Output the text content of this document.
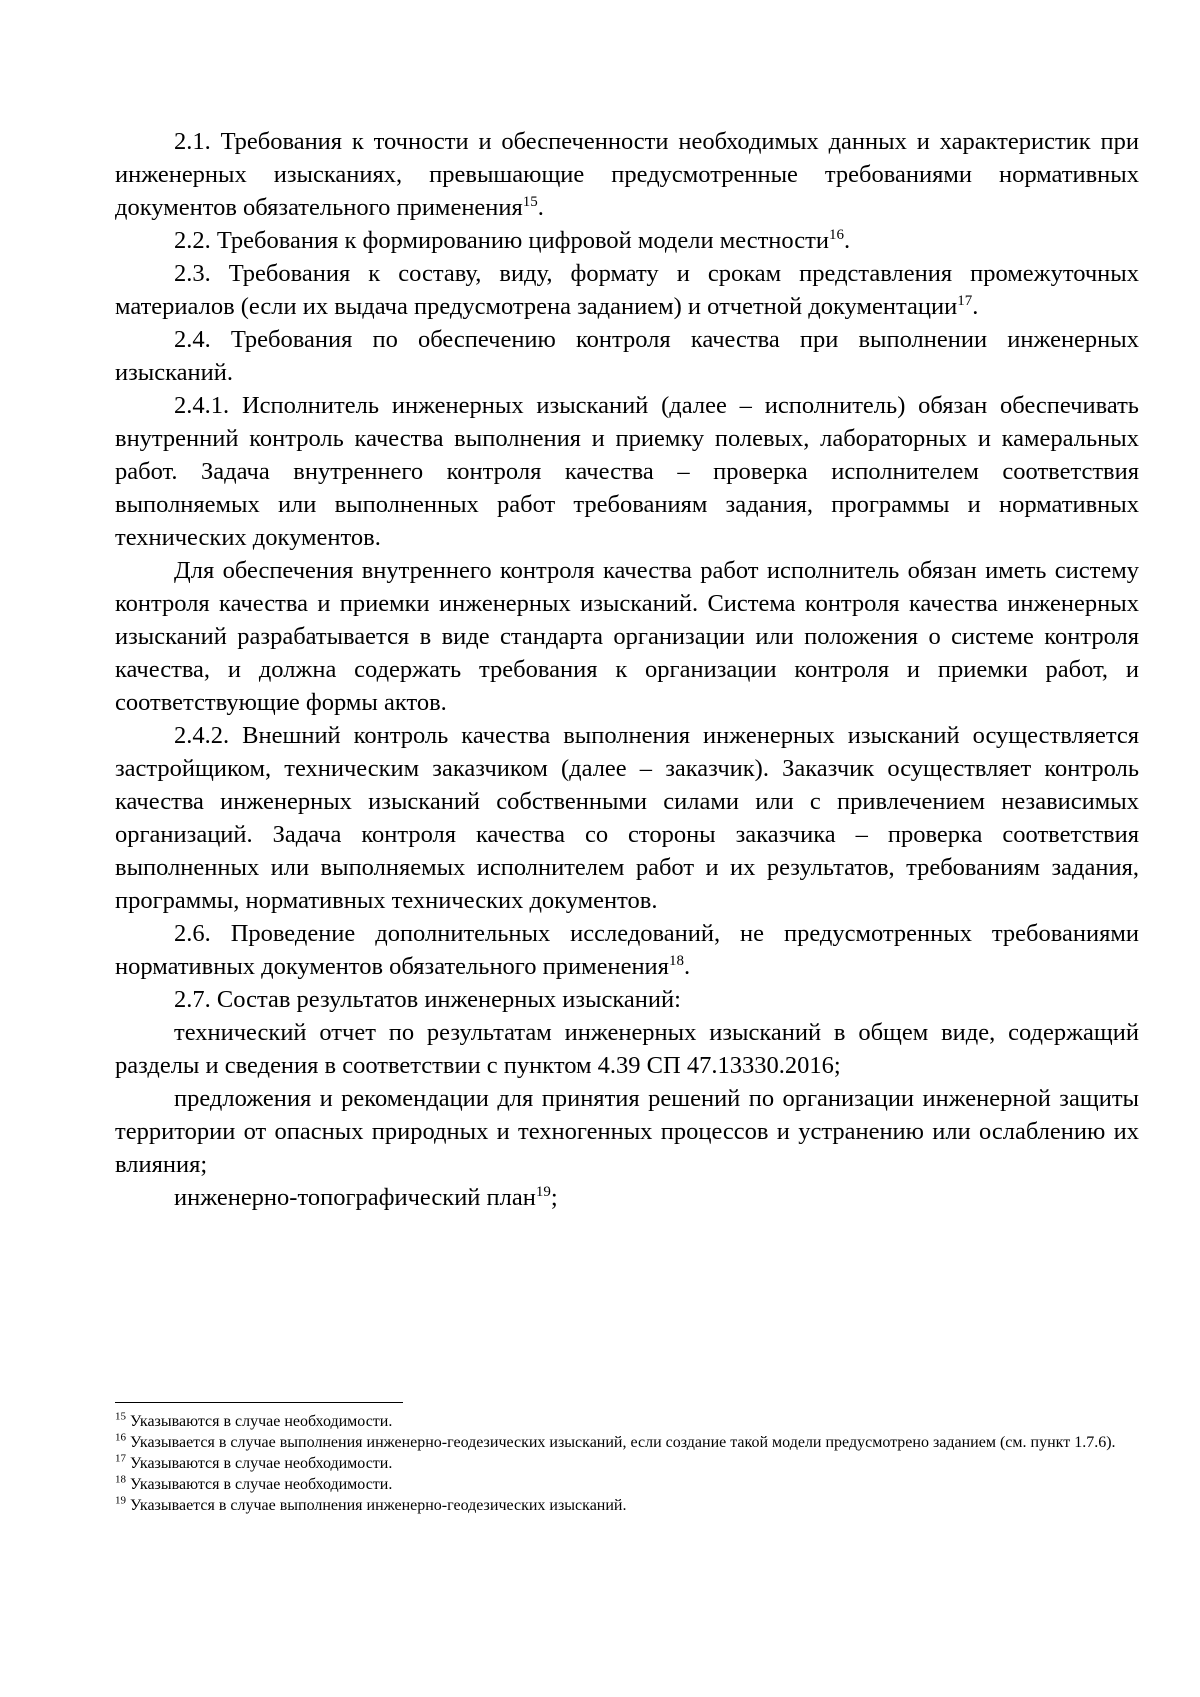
2.1. Требования к точности и обеспеченности необходимых данных и характеристик при инженерных изысканиях, превышающие предусмотренные требованиями нормативных документов обязательного применения$^{15}$.

2.2. Требования к формированию цифровой модели местности$^{16}$.

2.3. Требования к составу, виду, формату и срокам представления промежуточных материалов (если их выдача предусмотрена заданием) и отчетной документации$^{17}$.

2.4. Требования по обеспечению контроля качества при выполнении инженерных изысканий.

2.4.1. Исполнитель инженерных изысканий (далее – исполнитель) обязан обеспечивать внутренний контроль качества выполнения и приемку полевых, лабораторных и камеральных работ. Задача внутреннего контроля качества – проверка исполнителем соответствия выполняемых или выполненных работ требованиям задания, программы и нормативных технических документов.

Для обеспечения внутреннего контроля качества работ исполнитель обязан иметь систему контроля качества и приемки инженерных изысканий. Система контроля качества инженерных изысканий разрабатывается в виде стандарта организации или положения о системе контроля качества, и должна содержать требования к организации контроля и приемки работ, и соответствующие формы актов.

2.4.2. Внешний контроль качества выполнения инженерных изысканий осуществляется застройщиком, техническим заказчиком (далее – заказчик). Заказчик осуществляет контроль качества инженерных изысканий собственными силами или с привлечением независимых организаций. Задача контроля качества со стороны заказчика – проверка соответствия выполненных или выполняемых исполнителем работ и их результатов, требованиям задания, программы, нормативных технических документов.

2.6. Проведение дополнительных исследований, не предусмотренных требованиями нормативных документов обязательного применения$^{18}$.

2.7. Состав результатов инженерных изысканий:

технический отчет по результатам инженерных изысканий в общем виде, содержащий разделы и сведения в соответствии с пунктом 4.39 СП 47.13330.2016;

предложения и рекомендации для принятия решений по организации инженерной защиты территории от опасных природных и техногенных процессов и устранению или ослаблению их влияния;

инженерно-топографический план$^{19}$;

$^{15}$ Указываются в случае необходимости.

$^{16}$ Указывается в случае выполнения инженерно-геодезических изысканий, если создание такой модели предусмотрено заданием (см. пункт 1.7.6).

$^{17}$ Указываются в случае необходимости.

$^{18}$ Указываются в случае необходимости.

$^{19}$ Указывается в случае выполнения инженерно-геодезических изысканий.
